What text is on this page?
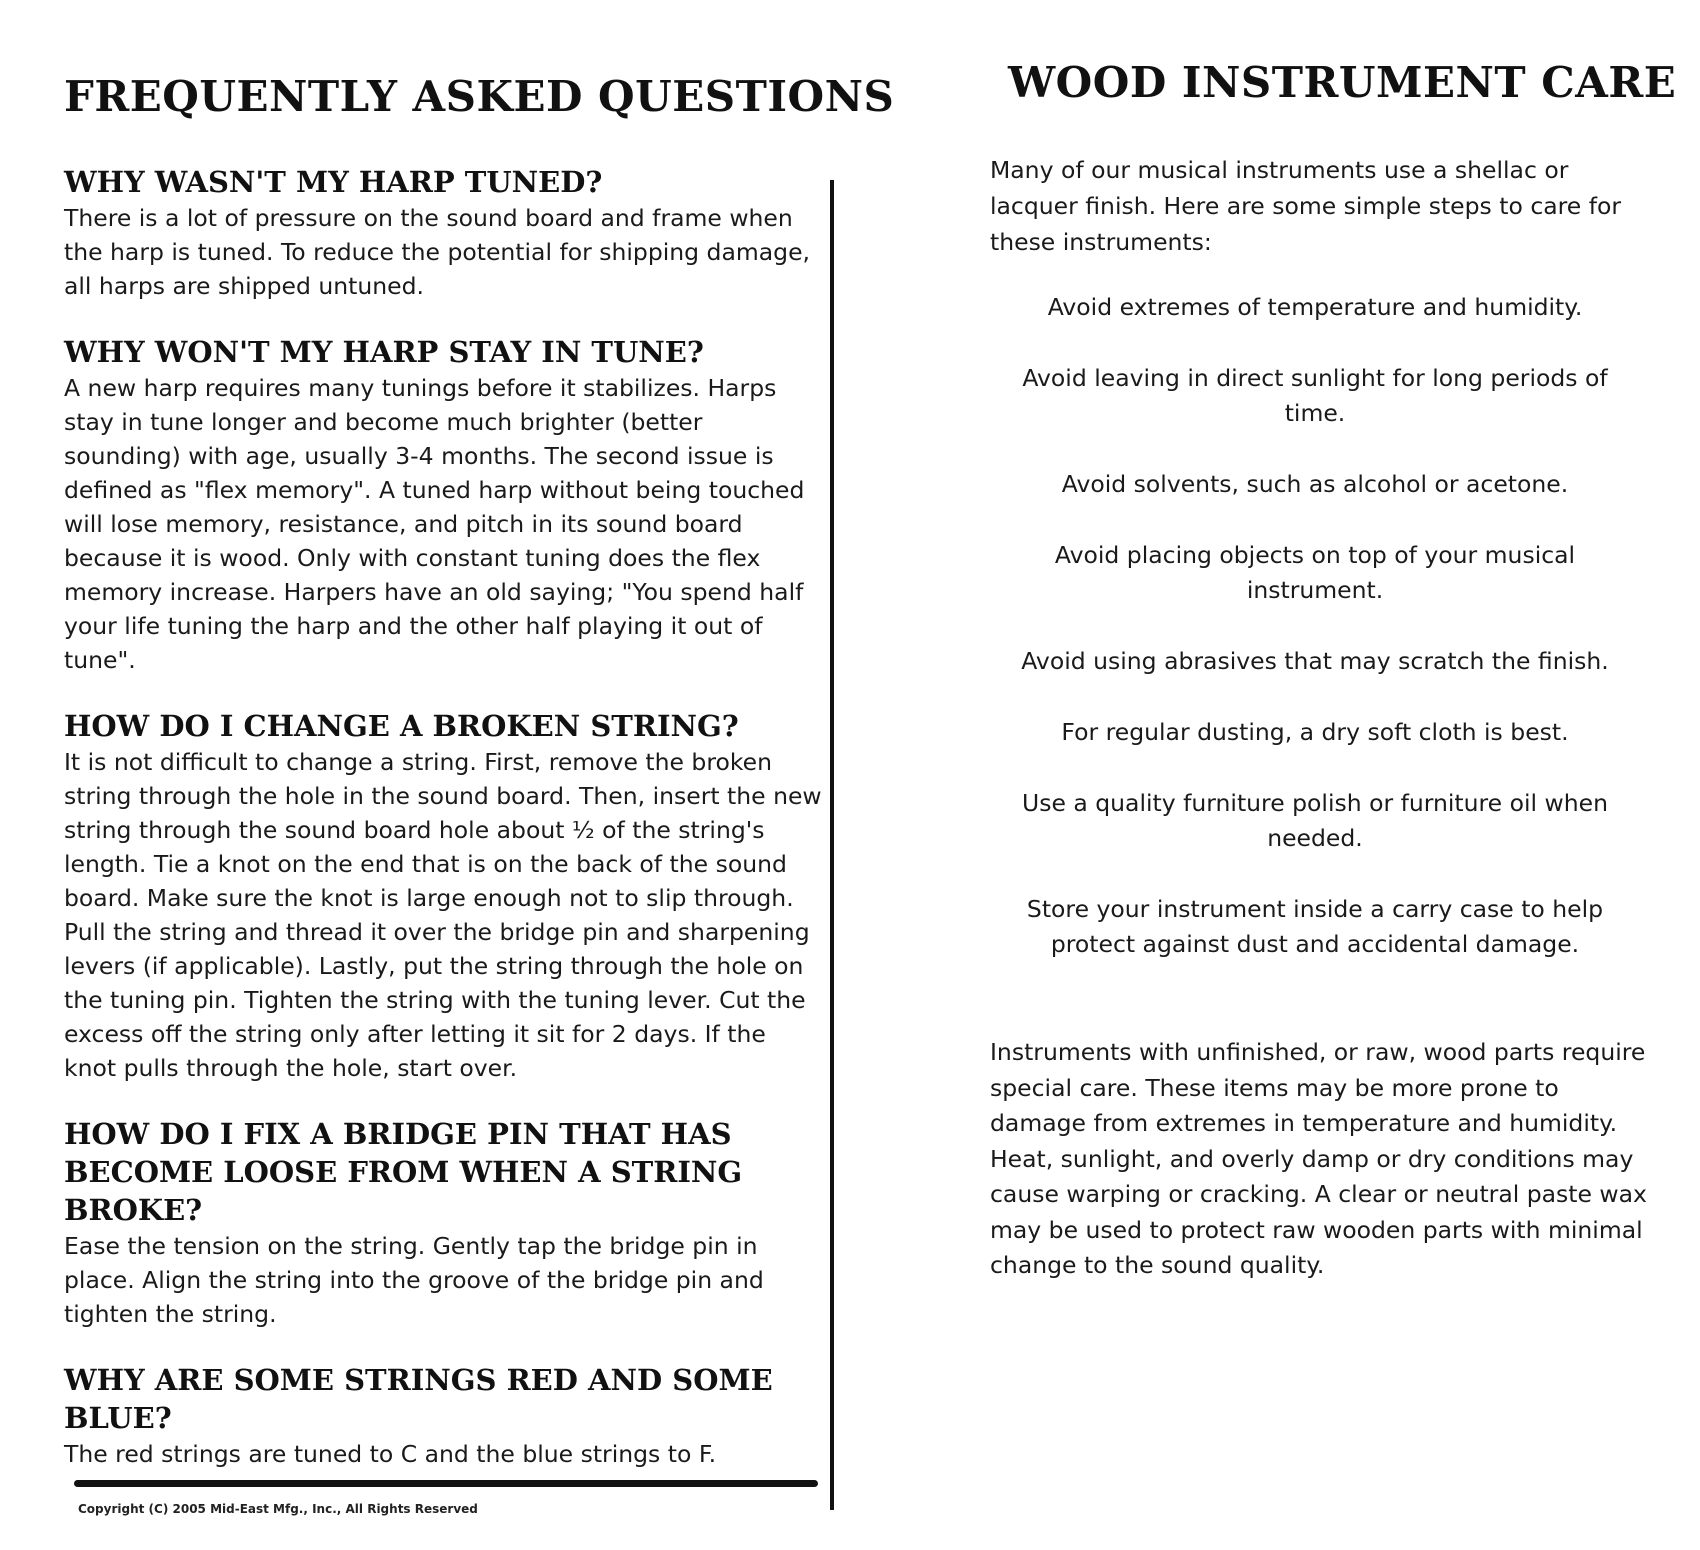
FREQUENTLY ASKED QUESTIONS
WHY WASN'T MY HARP TUNED?

There is a lot of pressure on the sound board and frame when the harp is tuned. To reduce the potential for shipping damage, all harps are shipped untuned.

WHY WON'T MY HARP STAY IN TUNE?

A new harp requires many tunings before it stabilizes. Harps stay in tune longer and become much brighter (better sounding) with age, usually 3-4 months. The second issue is defined as "flex memory". A tuned harp without being touched will lose memory, resistance, and pitch in its sound board because it is wood. Only with constant tuning does the flex memory increase. Harpers have an old saying; "You spend half your life tuning the harp and the other half playing it out of tune".

HOW DO I CHANGE A BROKEN STRING?

It is not difficult to change a string. First, remove the broken string through the hole in the sound board. Then, insert the new string through the sound board hole about ½ of the string's length. Tie a knot on the end that is on the back of the sound board. Make sure the knot is large enough not to slip through. Pull the string and thread it over the bridge pin and sharpening levers (if applicable). Lastly, put the string through the hole on the tuning pin. Tighten the string with the tuning lever. Cut the excess off the string only after letting it sit for 2 days. If the knot pulls through the hole, start over.

HOW DO I FIX A BRIDGE PIN THAT HAS BECOME LOOSE FROM WHEN A STRING BROKE?

Ease the tension on the string. Gently tap the bridge pin in place. Align the string into the groove of the bridge pin and tighten the string.

WHY ARE SOME STRINGS RED AND SOME BLUE?

The red strings are tuned to C and the blue strings to F.

Copyright (C) 2005 Mid-East Mfg., Inc., All Rights Reserved
WOOD INSTRUMENT CARE

Many of our musical instruments use a shellac or lacquer finish. Here are some simple steps to care for these instruments:

Avoid extremes of temperature and humidity.
Avoid leaving in direct sunlight for long periods of time.
Avoid solvents, such as alcohol or acetone.
Avoid placing objects on top of your musical instrument.
Avoid using abrasives that may scratch the finish.
For regular dusting, a dry soft cloth is best.
Use a quality furniture polish or furniture oil when needed.
Store your instrument inside a carry case to help protect against dust and accidental damage.

Instruments with unfinished, or raw, wood parts require special care. These items may be more prone to damage from extremes in temperature and humidity. Heat, sunlight, and overly damp or dry conditions may cause warping or cracking. A clear or neutral paste wax may be used to protect raw wooden parts with minimal change to the sound quality.
